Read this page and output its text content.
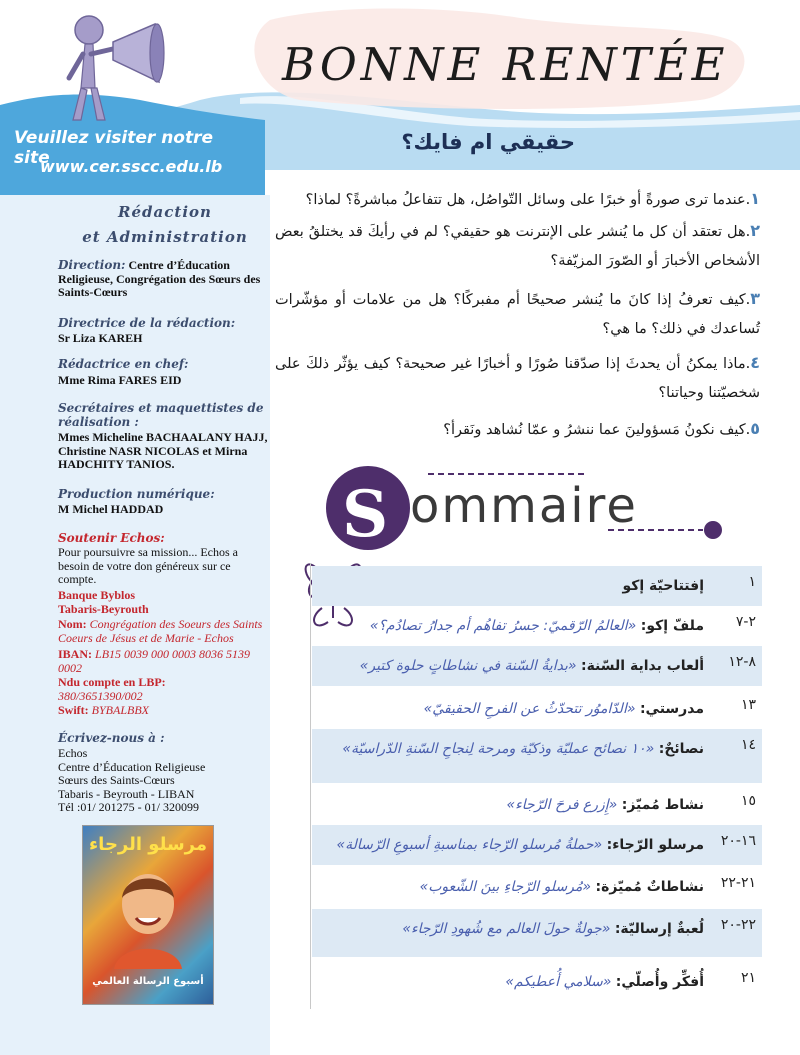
BONNE RENTÉE
حقيقي ام فايك؟
Veuillez visiter notre site
www.cer.sscc.edu.lb
Rédaction
et Administration
Direction: Centre d’Éducation Religieuse, Congrégation des Sœurs des Saints-Cœurs
Directrice de la rédaction:
Sr Liza KAREH
Rédactrice en chef:
Mme Rima FARES EID
Secrétaires et maquettistes de réalisation :
Mmes Micheline BACHAALANY HAJJ, Christine NASR NICOLAS et Mirna HADCHITY TANIOS.
Production numérique:
M Michel HADDAD
Soutenir Echos:
Pour poursuivre sa mission... Echos a besoin de votre don généreux sur ce compte.
Banque Byblos
Tabaris-Beyrouth
Nom: Congrégation des Soeurs des Saints Coeurs de Jésus et de Marie - Echos
IBAN: LB15 0039 000 0003 8036 5139 0002
Ndu compte en LBP:
380/3651390/002
Swift: BYBALBBX
Écrivez-nous à :
Echos
Centre d’Éducation Religieuse
Sœurs des Saints-Cœurs
Tabaris - Beyrouth - LIBAN
Tél :01/ 201275 - 01/ 320099
مرسلو الرجاء
أسبوع الرسالة العالمي
١.عندما ترى صورةً أو خبرًا على وسائل التّواصُل، هل تتفاعلُ مباشرةً؟ لماذا؟
٢.هل تعتقد أن كل ما يُنشر على الإنترنت هو حقيقي؟ لم في رأيكَ قد يختلقُ بعض الأشخاص الأخبارَ أو الصّورَ المزيّفة؟
٣.كيف تعرفُ إذا كانَ ما يُنشر صحيحًا أم مفبركًا؟ هل من علامات أو مؤشّرات تُساعدك في ذلك؟ ما هي؟
٤.ماذا يمكنُ أن يحدثَ إذا صدّقنا صُورًا و أخبارًا غير صحيحة؟ كيف يؤثّر ذلكَ على شخصيّتنا وحياتنا؟
٥.كيف نكونُ مَسؤولينَ عما ننشرُ و عمّا نُشاهد ونَقرأ؟
S ommaire
١
إفتتاحيّة إكو
٢-٧
ملفّ إكو: «العالمُ الرّقميّ: جسرُ تفاهُم أم جدارُ تصادُم؟»
٨-١٢
ألعاب بداية السّنة: «بدايةُ السّنة في نشاطاتٍ حلوة كتير»
١٣
مدرستي: «الدّاموُر تتحدّثُ عن الفرحِ الحقيقيّ»
١٤
نصائحٌ: «١٠ نصائح عمليّة وذكيّة ومرحة لِنجاحِ السّنةِ الدّراسيّة»
١٥
نشاط مُميّز: «إِزرع فرحَ الرّجاء»
١٦-٢٠
مرسلو الرّجاء: «حملةُ مُرسلو الرّجاء بمناسبةِ أسبوعِ الرّسالة»
٢١-٢٢
نشاطاتٌ مُميّزة: «مُرسلو الرّجاءِ بينَ الشّعوب»
٢٢-٢٠
لُعبةٌ إرساليّة: «جولةٌ حولَ العالم مع شُهودِ الرّجاء»
٢١
أُفكِّر وأُصلّي: «سلامي أُعطيكم»
